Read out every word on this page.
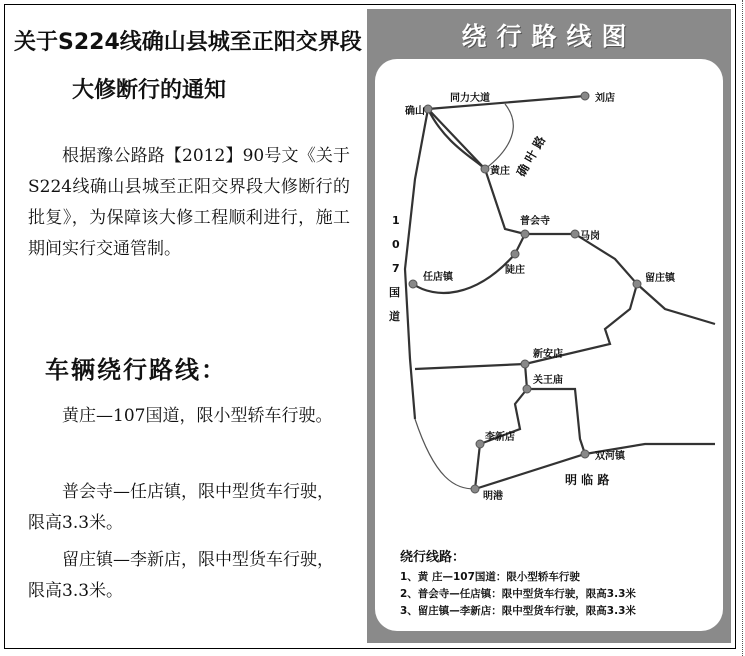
关于S224线确山县城至正阳交界段
大修断行的通知
根据豫公路路【2012】90号文《关于S224线确山县城至正阳交界段大修断行的批复》，为保障该大修工程顺利进行，施工期间实行交通管制。
车辆绕行路线：
黄庄—107国道，限小型轿车行驶。
普会寺—任店镇，限中型货车行驶，限高3.3米。
留庄镇—李新店，限中型货车行驶，限高3.3米。
绕行路线图
确山
同力大道	刘店
黄庄
普会寺
马岗
陡庄
任店镇	留庄镇
新安店
关王庙
李新店
双河镇
明港
明 临 路
确 叶 路
1
0
7
国
道
绕行线路：
1、黄 庄—107国道：限小型轿车行驶
2、普会寺—任店镇：限中型货车行驶，限高3.3米
3、留庄镇—李新店：限中型货车行驶，限高3.3米
